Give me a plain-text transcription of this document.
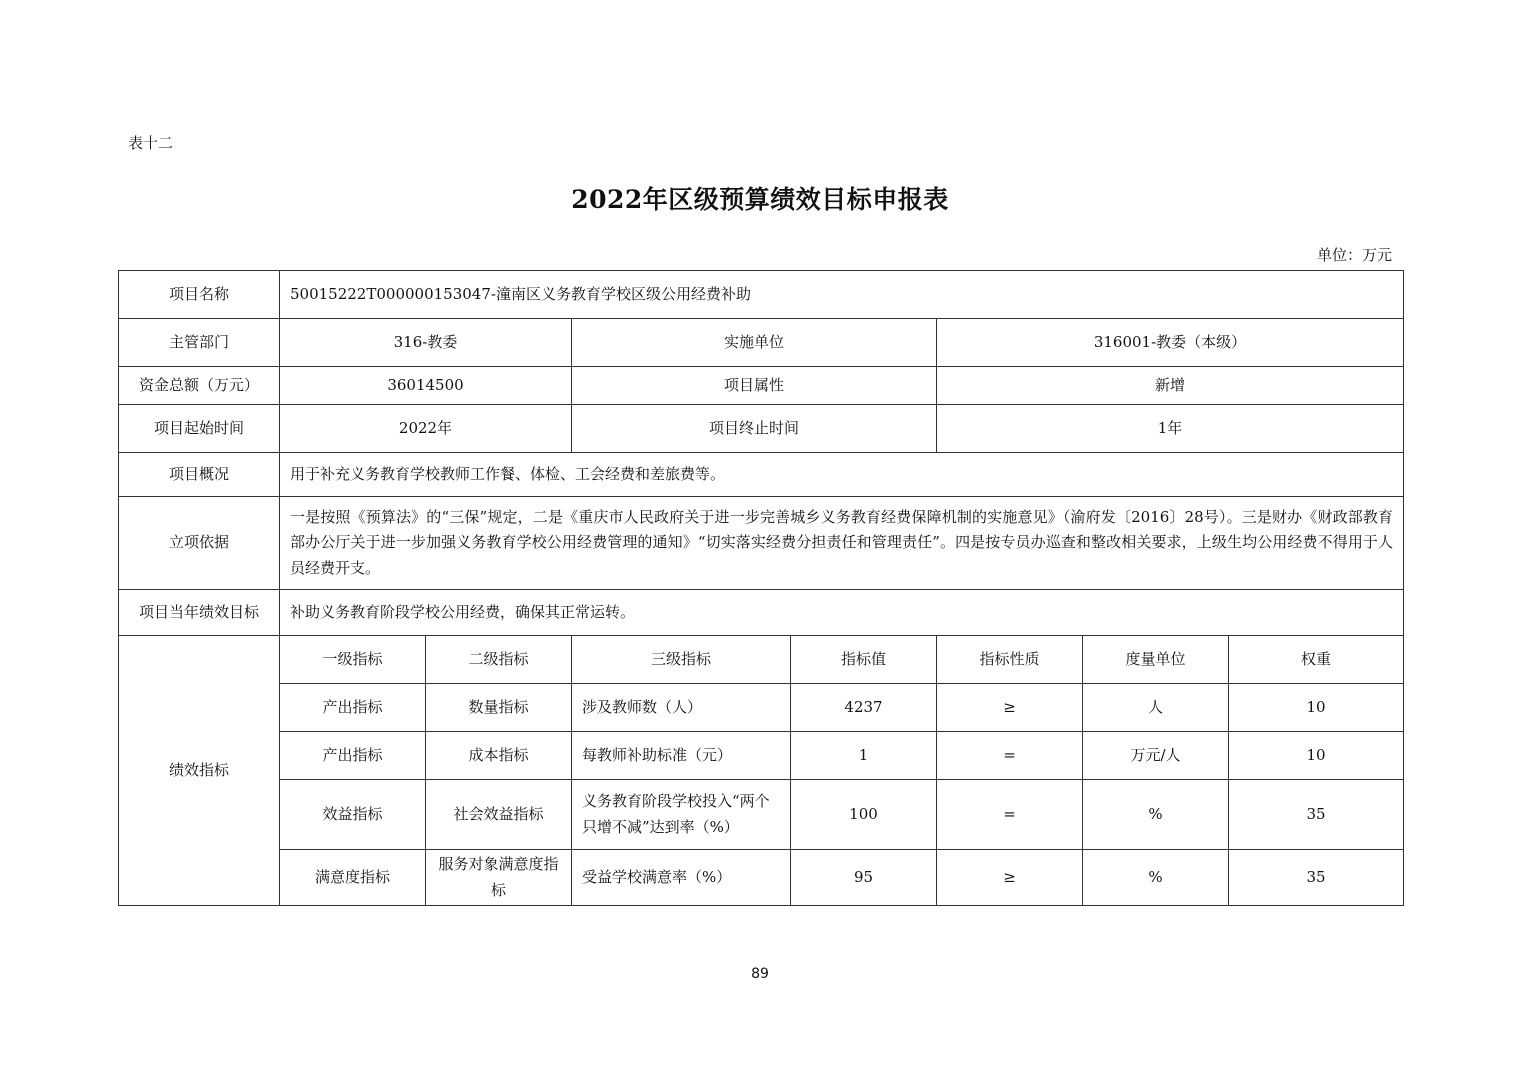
表十二
2022年区级预算绩效目标申报表
单位：万元
项目名称	50015222T000000153047-潼南区义务教育学校区级公用经费补助						
主管部门	316-教委		实施单位		316001-教委（本级）		
资金总额（万元）	36014500		项目属性		新增		
项目起始时间	2022年		项目终止时间		1年		
项目概况	用于补充义务教育学校教师工作餐、体检、工会经费和差旅费等。						
立项依据	一是按照《预算法》的“三保”规定，二是《重庆市人民政府关于进一步完善城乡义务教育经费保障机制的实施意见》（渝府发〔2016〕28号）。三是财办《财政部教育部办公厅关于进一步加强义务教育学校公用经费管理的通知》“切实落实经费分担责任和管理责任”。四是按专员办巡查和整改相关要求，上级生均公用经费不得用于人员经费开支。						
项目当年绩效目标	补助义务教育阶段学校公用经费，确保其正常运转。						
绩效指标	一级指标	二级指标	三级指标	指标值	指标性质	度量单位	权重
	产出指标	数量指标	涉及教师数（人）	4237	≥	人	10
	产出指标	成本指标	每教师补助标准（元）	1	=	万元/人	10
	效益指标	社会效益指标	义务教育阶段学校投入“两个只增不减”达到率（%）	100	=	%	35
	满意度指标	服务对象满意度指标	受益学校满意率（%）	95	≥	%	35
89
